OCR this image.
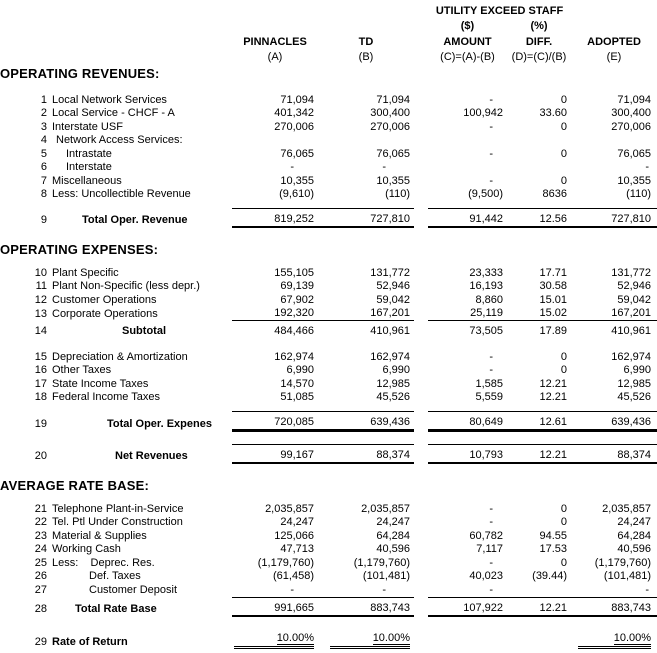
					UTILITY EXCEED STAFF		
					($)	(%)	
		PINNACLES	TD		AMOUNT	DIFF.	ADOPTED
		(A)	(B)		(C)=(A)-(B)	(D)=(C)/(B)	(E)
OPERATING REVENUES:							

1	Local Network Services	71,094	71,094		-	0	71,094
2	Local Service - CHCF - A	401,342	300,400		100,942	33.60	300,400
3	Interstate USF	270,006	270,006		-	0	270,006
4	Network Access Services:						
5	Intrastate	76,065	76,065		-	0	76,065
6	Interstate	-	-				-
7	Miscellaneous	10,355	10,355		-	0	10,355
8	Less: Uncollectible Revenue	(9,610)	(110)		(9,500)	8636	(110)

9	Total Oper. Revenue	819,252	727,810		91,442	12.56	727,810

OPERATING EXPENSES:							

10	Plant Specific	155,105	131,772		23,333	17.71	131,772
11	Plant Non-Specific (less depr.)	69,139	52,946		16,193	30.58	52,946
12	Customer Operations	67,902	59,042		8,860	15.01	59,042
13	Corporate Operations	192,320	167,201		25,119	15.02	167,201
14	Subtotal	484,466	410,961		73,505	17.89	410,961

15	Depreciation & Amortization	162,974	162,974		-	0	162,974
16	Other Taxes	6,990	6,990		-	0	6,990
17	State Income Taxes	14,570	12,985		1,585	12.21	12,985
18	Federal Income Taxes	51,085	45,526		5,559	12.21	45,526

19	Total Oper. Expenes	720,085	639,436		80,649	12.61	639,436

20	Net Revenues	99,167	88,374		10,793	12.21	88,374

AVERAGE RATE BASE:							

21	Telephone Plant-in-Service	2,035,857	2,035,857		-	0	2,035,857
22	Tel. Ptl Under Construction	24,247	24,247		-	0	24,247
23	Material & Supplies	125,066	64,284		60,782	94.55	64,284
24	Working Cash	47,713	40,596		7,117	17.53	40,596
25	Less:    Deprec. Res.	(1,179,760)	(1,179,760)		-	0	(1,179,760)
26	Def. Taxes	(61,458)	(101,481)		40,023	(39.44)	(101,481)
27	Customer Deposit	-	-		-		-
28	Total Rate Base	991,665	883,743		107,922	12.21	883,743

29	Rate of Return	10.00%	10.00%				10.00%
